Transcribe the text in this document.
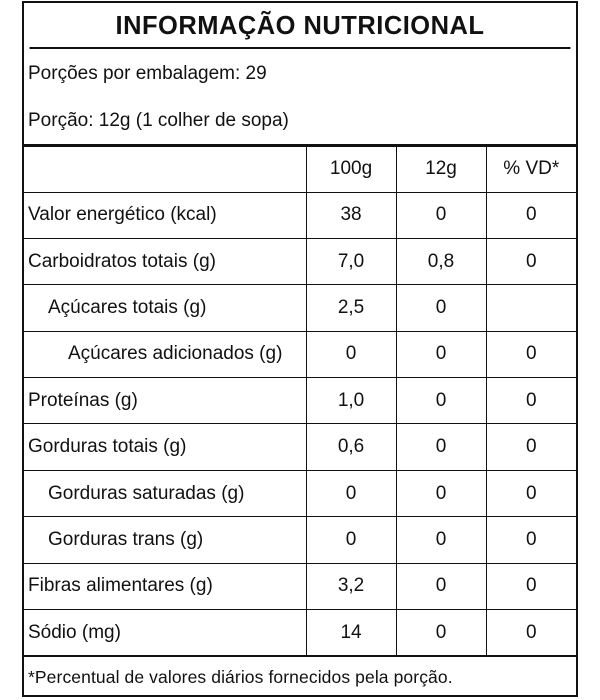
INFORMAÇÃO NUTRICIONAL
Porções por embalagem: 29
Porção: 12g (1 colher de sopa)
	100g	12g	% VD*
Valor energético (kcal)	38	0	0
Carboidratos totais (g)	7,0	0,8	0
Açúcares totais (g)	2,5	0	
Açúcares adicionados (g)	0	0	0
Proteínas (g)	1,0	0	0
Gorduras totais (g)	0,6	0	0
Gorduras saturadas (g)	0	0	0
Gorduras trans (g)	0	0	0
Fibras alimentares (g)	3,2	0	0
Sódio (mg)	14	0	0
*Percentual de valores diários fornecidos pela porção.
